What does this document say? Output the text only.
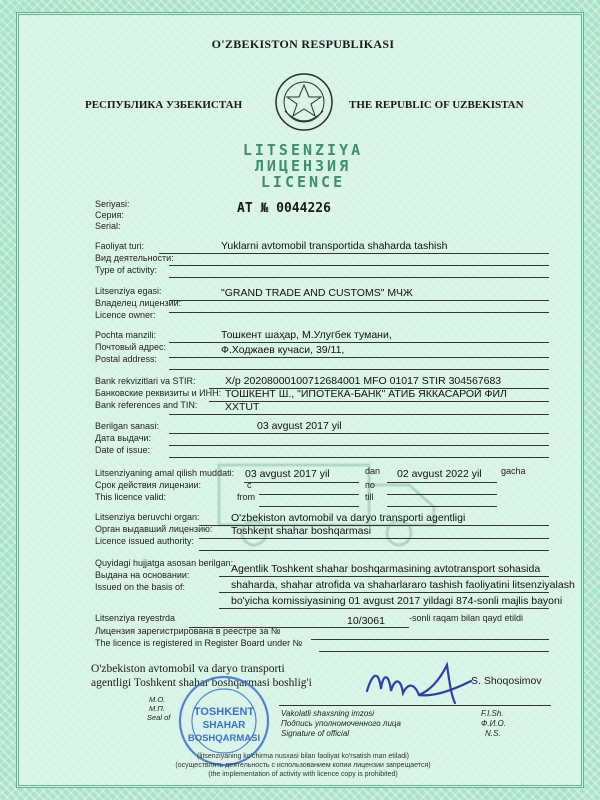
O'ZBEKISTON RESPUBLIKASI
РЕСПУБЛИКА УЗБЕКИСТАН	THE REPUBLIC OF UZBEKISTAN
LITSENZIYA
ЛИЦЕНЗИЯ
LICENCE
Seriyasi:
Серия:
Serial:
АТ № 0044226
Faoliyat turi:
Вид деятельности:
Type of activity:
Yuklarni avtomobil transportida shaharda tashish
Litsenziya egasi:
Владелец лицензии:
Licence owner:
"GRAND TRADE AND CUSTOMS" МЧЖ
Pochta manzili:
Почтовый адрес:
Postal address:
Тошкент шаҳар, М.Улугбек тумани,
Ф.Ходжаев кучаси, 39/11,
Bank rekvizitlari va STIR:
Банковские реквизиты и ИНН:
Bank references and TIN:
Х/р 20208000100712684001 MFO 01017 STIR 304567683
ТОШКЕНТ Ш., "ИПОТЕКА-БАНК" АТИБ ЯККАСАРОЙ ФИЛ
XXTUT
Berilgan sanasi:
Дата выдачи:
Date of issue:
03 avgust 2017 yil
Litsenziyaning amal qilish muddati:
Срок действия лицензии:
This licence valid:
03 avgust 2017 yil	dan 02 avgust 2022 yil gacha
с	по
from	till
Litsenziya beruvchi organ:
Орган выдавший лицензию:
Licence issued authority:
O'zbekiston avtomobil va daryo transporti agentligi
Toshkent shahar boshqarmasi
Quyidagi hujjatga asosan berilgan:
Выдана на основании:
Issued on the basis of:
Agentlik Toshkent shahar boshqarmasining avtotransport sohasida
shaharda, shahar atrofida va shaharlararo tashish faoliyatini litsenziyalash
bo'yicha komissiyasining 01 avgust 2017 yildagi 874-sonli majlis bayoni
Litsenziya reyestrda	10/3061	-sonli raqam bilan qayd etildi
Лицензия зарегистрирована в реестре за №
The licence is registered in Register Board under №
O'zbekiston avtomobil va daryo transporti
agentligi Toshkent shahar boshqarmasi boshlig'i
M.O.
М.П.
Seal of TOSHKENT
SHAHAR
BOSHQARMASI
S. Shoqosimov
Vakolatli shaxsning imzosi
Подпись уполномоченного лица
Signature of official
F.I.Sh.
Ф.И.О.
N.S.
(litsenziyaning ko'chirma nusxasi bilan faoliyat ko'rsatish man etiladi)
(осуществлять деятельность с использованием копии лицензии запрещается)
(the implementation of activity with licence copy is prohibited)
